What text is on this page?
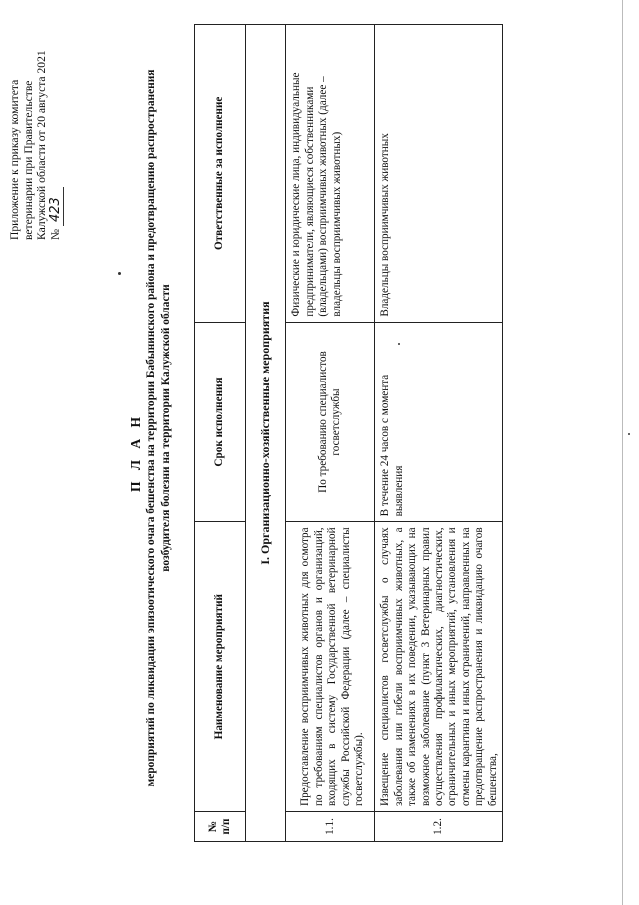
Приложение к приказу комитета ветеринарии при Правительстве Калужской области от 20 августа 2021 № 423
П Л А Н мероприятий по ликвидации эпизоотического очага бешенства на территории Бабынинского района и предотвращению распространения возбудителя болезни на территории Калужской области
№ п/п	Наименование мероприятий	Срок исполнения	Ответственные за исполнение
I. Организационно-хозяйственные мероприятия			
1.1.	Предоставление восприимчивых животных для осмотра по требованиям специалистов органов и организаций, входящих в систему Государственной ветеринарной службы Российской Федерации (далее – специалисты госветслужбы).	По требованию специалистов госветслужбы	Физические и юридические лица, индивидуальные предприниматели, являющиеся собственниками (владельцами) восприимчивых животных (далее – владельцы восприимчивых животных)
1.2.	Извещение специалистов госветслужбы о случаях заболевания или гибели восприимчивых животных, а также об изменениях в их поведении, указывающих на возможное заболевание (пункт 3 Ветеринарных правил осуществления профилактических, диагностических, ограничительных и иных мероприятий, установления и отмены карантина и иных ограничений, направленных на предотвращение распространения и ликвидацию очагов бешенства,	В течение 24 часов с момента выявления	Владельцы восприимчивых животных
